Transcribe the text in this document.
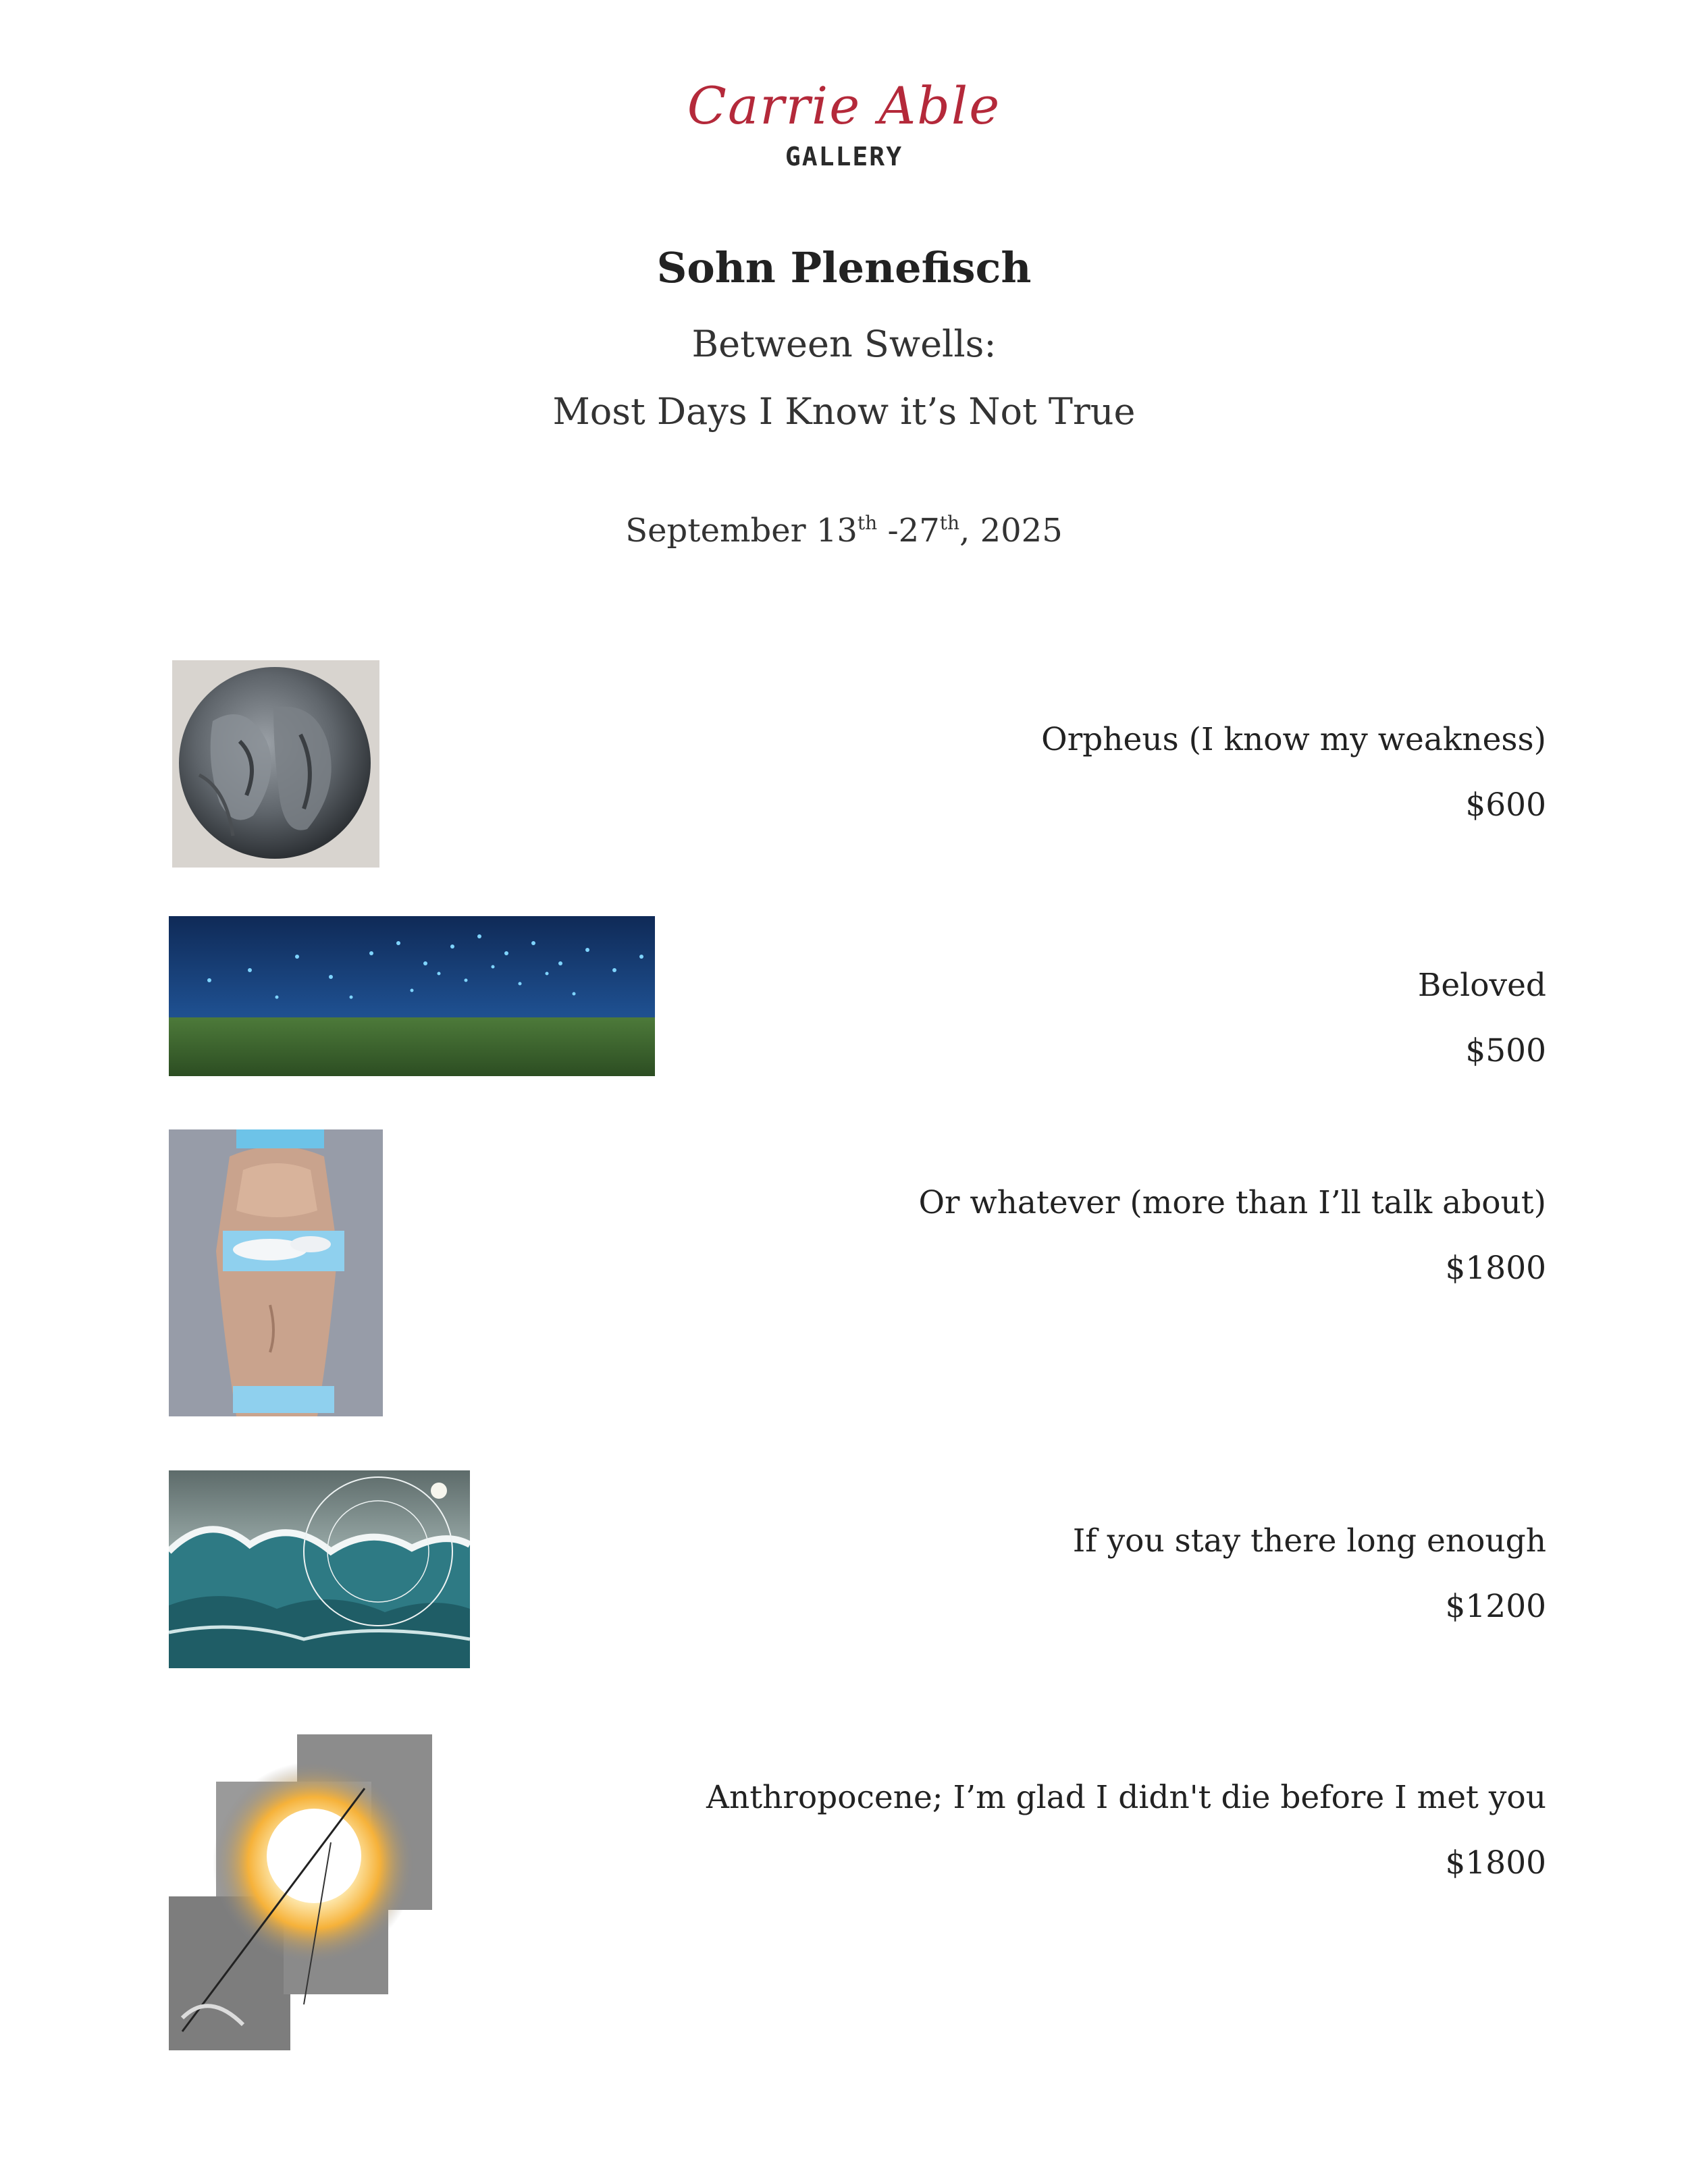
Carrie Able
GALLERY
Sohn Plenefisch
Between Swells:
Most Days I Know it’s Not True
September 13th -27th, 2025
Orpheus (I know my weakness)
$600
Beloved
$500
Or whatever (more than I’ll talk about)
$1800
If you stay there long enough
$1200
Anthropocene; I’m glad I didn't die before I met you
$1800
